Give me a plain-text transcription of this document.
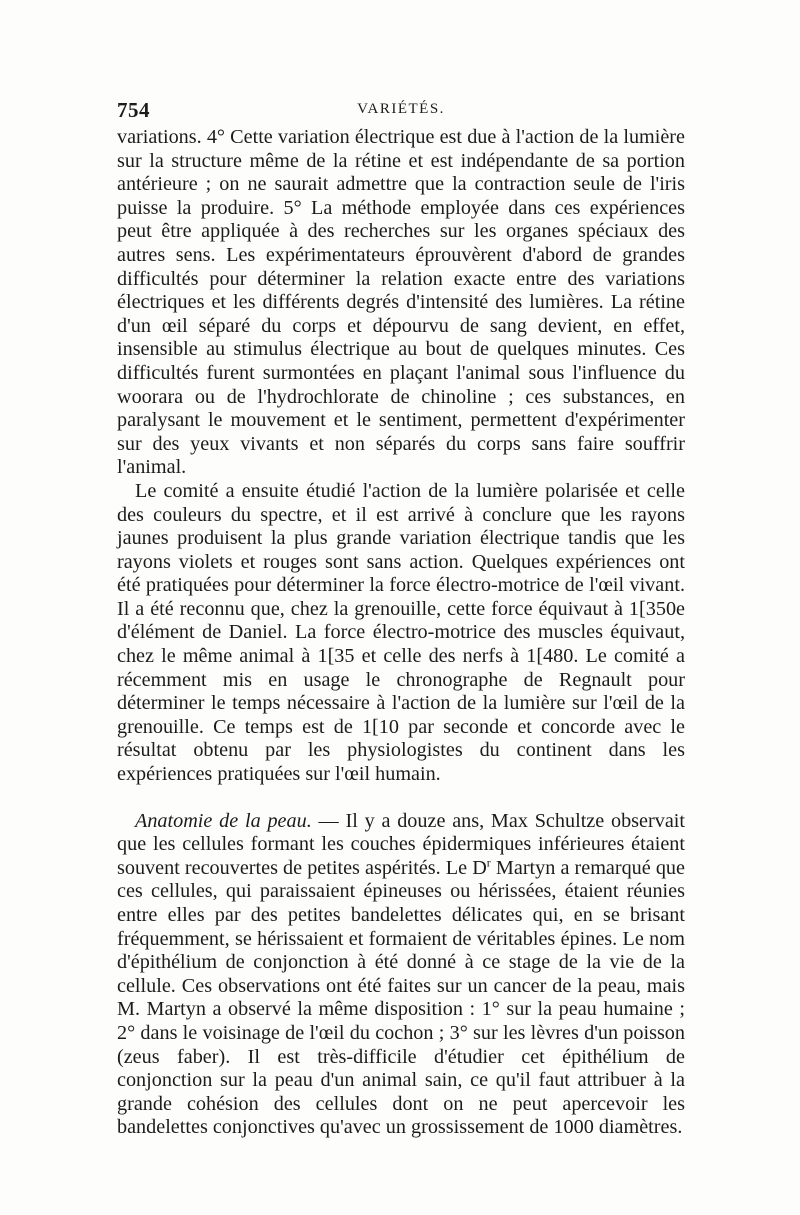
754	VARIÉTÉS.

variations. 4° Cette variation électrique est due à l'action de la lumière sur la structure même de la rétine et est indépendante de sa portion antérieure ; on ne saurait admettre que la contraction seule de l'iris puisse la produire. 5° La méthode employée dans ces expériences peut être appliquée à des recherches sur les organes spéciaux des autres sens. Les expérimentateurs éprouvèrent d'abord de grandes difficultés pour déterminer la relation exacte entre des variations électriques et les différents degrés d'intensité des lumières. La rétine d'un œil séparé du corps et dépourvu de sang devient, en effet, insensible au stimulus électrique au bout de quelques minutes. Ces difficultés furent surmontées en plaçant l'animal sous l'influence du woorara ou de l'hydrochlorate de chinoline ; ces substances, en paralysant le mouvement et le sentiment, permettent d'expérimenter sur des yeux vivants et non séparés du corps sans faire souffrir l'animal.

Le comité a ensuite étudié l'action de la lumière polarisée et celle des couleurs du spectre, et il est arrivé à conclure que les rayons jaunes produisent la plus grande variation électrique tandis que les rayons violets et rouges sont sans action. Quelques expériences ont été pratiquées pour déterminer la force électro-motrice de l'œil vivant. Il a été reconnu que, chez la grenouille, cette force équivaut à 1[350e d'élément de Daniel. La force électro-motrice des muscles équivaut, chez le même animal à 1[35 et celle des nerfs à 1[480. Le comité a récemment mis en usage le chronographe de Regnault pour déterminer le temps nécessaire à l'action de la lumière sur l'œil de la grenouille. Ce temps est de 1[10 par seconde et concorde avec le résultat obtenu par les physiologistes du continent dans les expériences pratiquées sur l'œil humain.

Anatomie de la peau. — Il y a douze ans, Max Schultze observait que les cellules formant les couches épidermiques inférieures étaient souvent recouvertes de petites aspérités. Le $D^r$ Martyn a remarqué que ces cellules, qui paraissaient épineuses ou hérissées, étaient réunies entre elles par des petites bandelettes délicates qui, en se brisant fréquemment, se hérissaient et formaient de véritables épines. Le nom d'épithélium de conjonction à été donné à ce stage de la vie de la cellule. Ces observations ont été faites sur un cancer de la peau, mais M. Martyn a observé la même disposition : 1° sur la peau humaine ; 2° dans le voisinage de l'œil du cochon ; 3° sur les lèvres d'un poisson (zeus faber). Il est très-difficile d'étudier cet épithélium de conjonction sur la peau d'un animal sain, ce qu'il faut attribuer à la grande cohésion des cellules dont on ne peut apercevoir les bandelettes conjonctives qu'avec un grossissement de 1000 diamètres.
